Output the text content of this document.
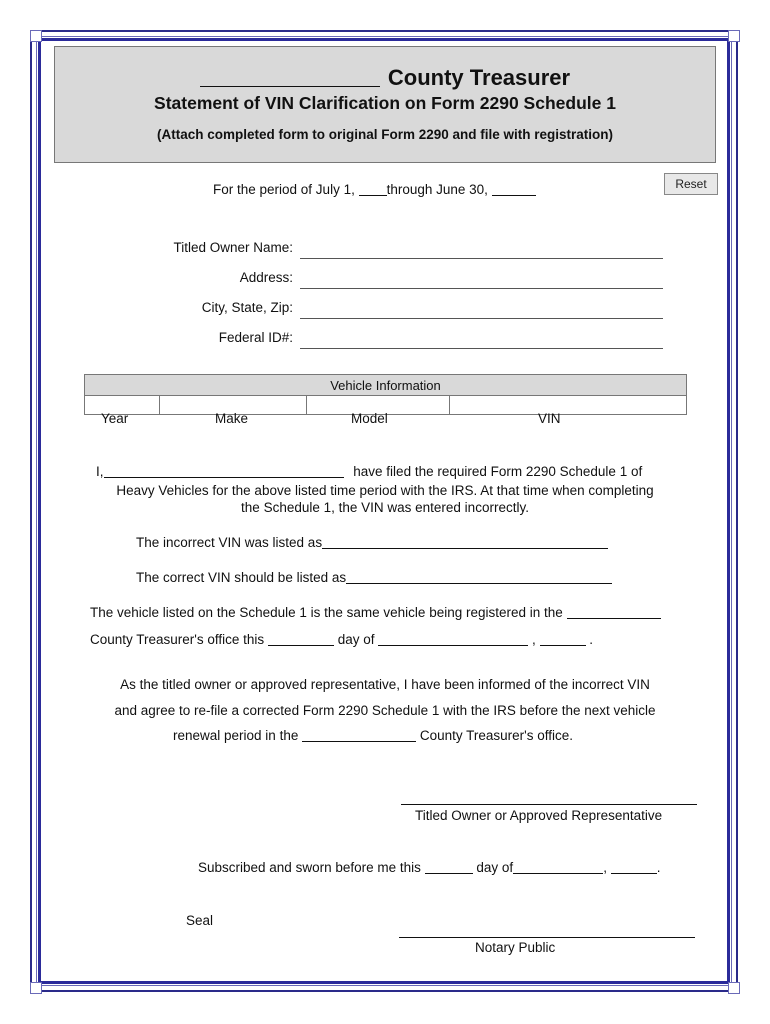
County Treasurer
Statement of VIN Clarification on Form 2290 Schedule 1
(Attach completed form to original Form 2290 and file with registration)
Reset
For the period of July 1, through June 30,
Titled Owner Name:
Address:
City, State, Zip:
Federal ID#:
Vehicle Information

Year	Make	Model	VIN
I,	have filed the required Form 2290 Schedule 1 of
Heavy Vehicles for the above listed time period with the IRS. At that time when completing
the Schedule 1, the VIN was entered incorrectly.
The incorrect VIN was listed as
The correct VIN should be listed as
The vehicle listed on the Schedule 1 is the same vehicle being registered in the
County Treasurer's office this	day of	,	.
As the titled owner or approved representative, I have been informed of the incorrect VIN
and agree to re-file a corrected Form 2290 Schedule 1 with the IRS before the next vehicle
renewal period in the	County Treasurer's office.
Titled Owner or Approved Representative
Subscribed and sworn before me this	day of	,	.
Seal
Notary Public
